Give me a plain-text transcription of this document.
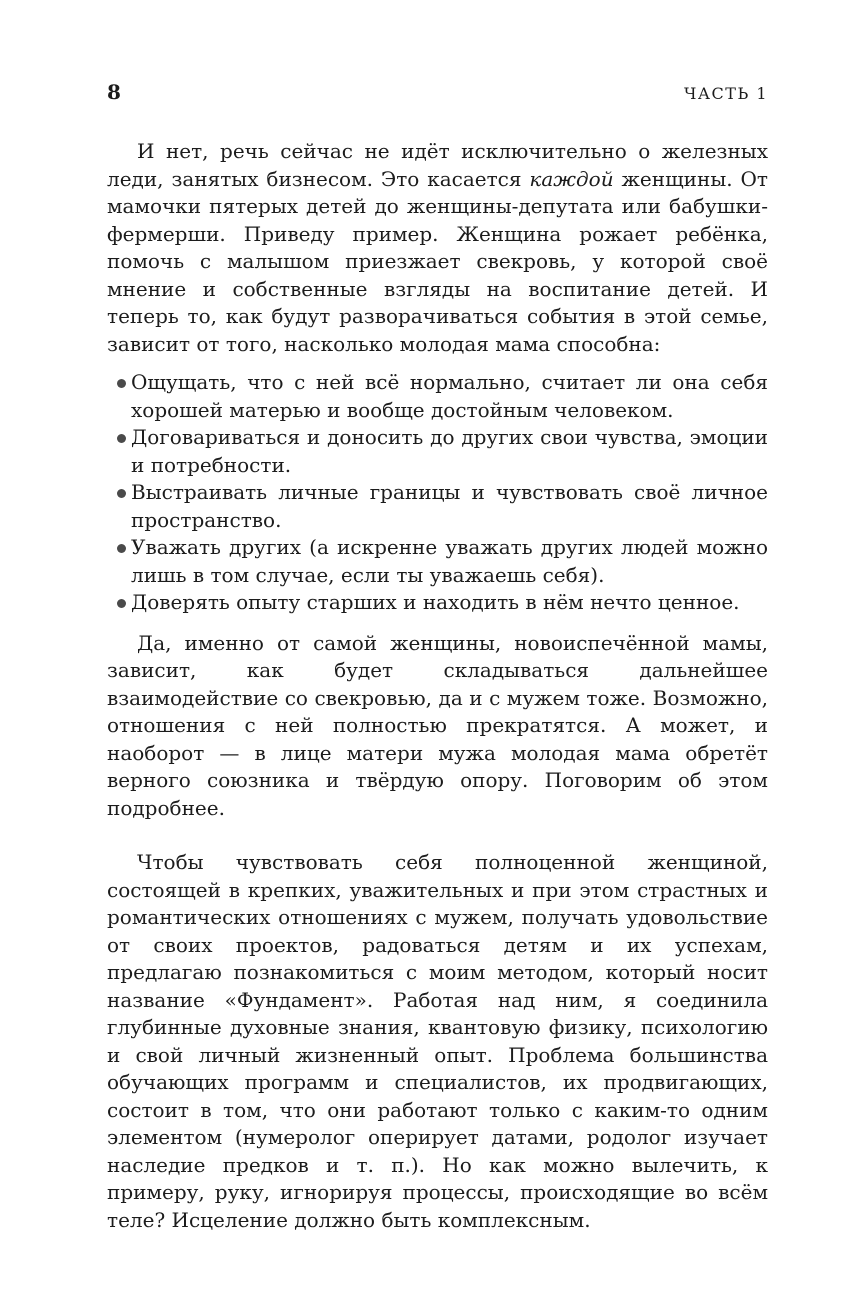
8	ЧАСТЬ 1

И нет, речь сейчас не идёт исключительно о железных леди, занятых бизнесом. Это касается каждой женщины. От мамочки пятерых детей до женщины-депутата или бабушки-фермерши. Приведу пример. Женщина рожает ребёнка, помочь с малышом приезжает свекровь, у которой своё мнение и собственные взгляды на воспитание детей. И теперь то, как будут разворачиваться события в этой семье, зависит от того, насколько молодая мама способна:

Ощущать, что с ней всё нормально, считает ли она себя хорошей матерью и вообще достойным человеком.
Договариваться и доносить до других свои чувства, эмоции и потребности.
Выстраивать личные границы и чувствовать своё личное пространство.
Уважать других (а искренне уважать других людей можно лишь в том случае, если ты уважаешь себя).
Доверять опыту старших и находить в нём нечто ценное.

Да, именно от самой женщины, новоиспечённой мамы, зависит, как будет складываться дальнейшее взаимодействие со свекровью, да и с мужем тоже. Возможно, отношения с ней полностью прекратятся. А может, и наоборот — в лице матери мужа молодая мама обретёт верного союзника и твёрдую опору. Поговорим об этом подробнее.

Чтобы чувствовать себя полноценной женщиной, состоящей в крепких, уважительных и при этом страстных и романтических отношениях с мужем, получать удовольствие от своих проектов, радоваться детям и их успехам, предлагаю познакомиться с моим методом, который носит название «Фундамент». Работая над ним, я соединила глубинные духовные знания, квантовую физику, психологию и свой личный жизненный опыт. Проблема большинства обучающих программ и специалистов, их продвигающих, состоит в том, что они работают только с каким-то одним элементом (нумеролог оперирует датами, родолог изучает наследие предков и т. п.). Но как можно вылечить, к примеру, руку, игнорируя процессы, происходящие во всём теле? Исцеление должно быть комплексным.
